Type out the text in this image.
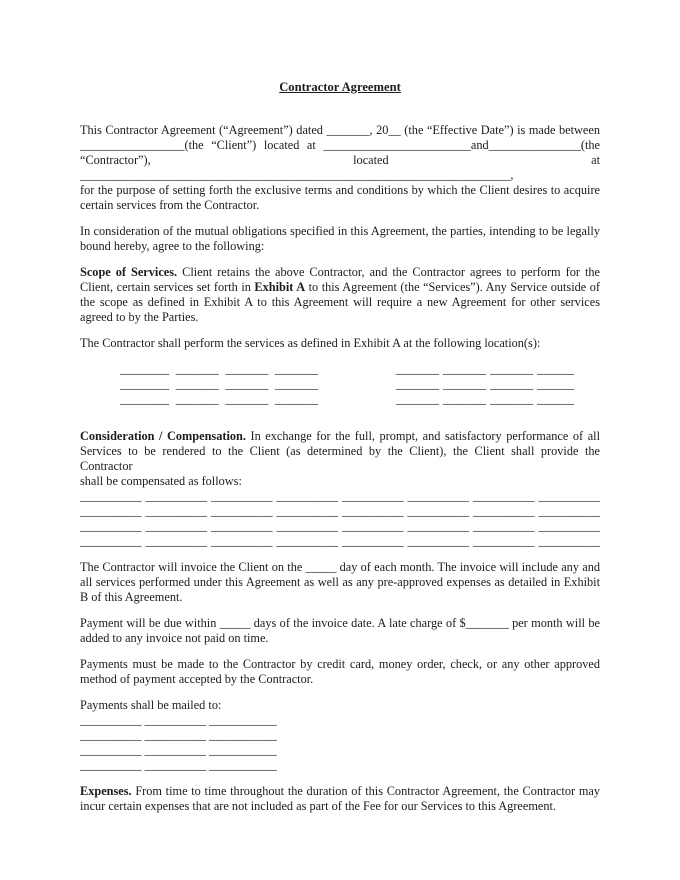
Contractor Agreement
This Contractor Agreement (“Agreement”) dated _______, 20__ (the “Effective Date”) is made between
_________________(the “Client”) located at ________________________and_______________(the
“Contractor”), located at ______________________________________________________________________,
for the purpose of setting forth the exclusive terms and conditions by which the Client desires to acquire
certain services from the Contractor.
In consideration of the mutual obligations specified in this Agreement, the parties, intending to be legally
bound hereby, agree to the following:
Scope of Services. Client retains the above Contractor, and the Contractor agrees to perform for the
Client, certain services set forth in Exhibit A to this Agreement (the “Services”). Any Service outside of
the scope as defined in Exhibit A to this Agreement will require a new Agreement for other services
agreed to by the Parties.
The Contractor shall perform the services as defined in Exhibit A at the following location(s):
________ _______ _______ _______
________ _______ _______ _______
________ _______ _______ _______
_______ _______ _______ ______
_______ _______ _______ ______
_______ _______ _______ ______
Consideration / Compensation. In exchange for the full, prompt, and satisfactory performance of all
Services to be rendered to the Client (as determined by the Client), the Client shall provide the Contractor
shall be compensated as follows:
__________ __________ __________ __________ __________ __________ __________ __________
__________ __________ __________ __________ __________ __________ __________ __________
__________ __________ __________ __________ __________ __________ __________ __________
__________ __________ __________ __________ __________ __________ __________ __________
The Contractor will invoice the Client on the _____ day of each month. The invoice will include any and
all services performed under this Agreement as well as any pre-approved expenses as detailed in Exhibit
B of this Agreement.
Payment will be due within _____ days of the invoice date. A late charge of $_______ per month will be
added to any invoice not paid on time.
Payments must be made to the Contractor by credit card, money order, check, or any other approved
method of payment accepted by the Contractor.
Payments shall be mailed to:
__________ __________ ___________
__________ __________ ___________
__________ __________ ___________
__________ __________ ___________
Expenses. From time to time throughout the duration of this Contractor Agreement, the Contractor may
incur certain expenses that are not included as part of the Fee for our Services to this Agreement.
